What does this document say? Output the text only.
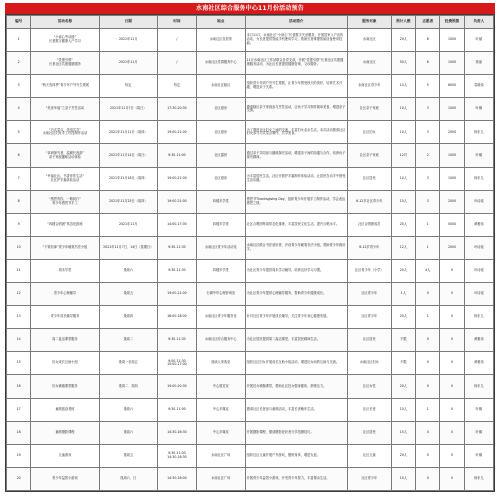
水南社区综合服务中心11月份活动预告
编号	活动名称	日期	时间	地点	活动简介	服务对象	预计人数	志愿者	经费预算	负责人
1	“小读心劳动践”
长者数字健康入户学习	2021年11月	/	水南社区各居家	本月11月，水南社区“小读心”长者数字关爱服务，开展居家入户宣传活动，为长者提供智能手机使用学习，帮助长者掌握智能设备使用技能。	水南社区	20人	6	1000	叶斌
2	“党建引领”
长者社区共建健康服务	2021年11月	/	水南社区党群服务中心	11月水南社区工作站联合各党支部，开展“党建引领”长者社区共建健康服务活动，为社区长者提供健康咨询、义诊服务。	水南社区	50人	6	1000	郭丽
3	“秋天有四季”青少年户外写生观展	待定	待定	水南社区辖区	组织青少年到户外写生观展，让青少年感受秋天的美好，培养艺术兴趣，增进亲子关系。	水南社区青少年	15人	5	6000	袁晓伟
4	“美食幸福”之亲子烹饪活动	2021年11月7日（周日）	17:30-20:30	社区厨房	邀请辖区亲子家庭参与烹饪活动，让孩子学习制作简单美食，增进亲子交流。	社区亲子家庭	10人	3	1000	叶娜
5	“巧式菜点，美食共享”
水南社区妇女手工巧技制作活动	2021年11月11日（周四）	19:00-21:00	社区厨房	为了增进社区妇女之间的交流，丰富妇女业余生活，本次活动邀请社区妇女参与巧式菜点制作，共享美食。	社区妇女	10人	3	2000	杨东儿
6	“卓研探究者，温暖长夜游”
亲子家庭趣味活动体验	2021年11月14日（周日）	9:30-11:00	社区露营	通过亲子共同参与趣味探究活动，增进亲子间的沟通与合作，培养孩子探究精神。	社区亲子家庭	12对	2	1000	叶娜
7	“幸福社区，书香伴你生活”
社区护手霜体验活动	2021年11月18日（周四）	19:00-21:00	社区厨房	为丰富居民生活，社区开展护手霜制作体验活动，让居民在动手中感受生活乐趣。	社区居民	10人	3	1000	杨东儿
8	“感恩有你，一路同行”
青少年感恩节手工	2021年11月25日（周四）	19:00-21:00	四楼多学堂	感恩节Thanksgiving Day，组织青少年开展手工制作活动，学会表达感恩之情。	6-12岁社区青少年	15人	3	2000	叶诗瑶
9	“四楼合唱团”常态化排练	2021年11月	14:00-17:00	四楼多学堂	社区合唱团每周常态化排练，丰富居民文化生活，提升合唱水平。	社区合唱团成员	25人	1	5000	黄雅伟
10	“下笔有神”青少年硬笔书法小组	2021年11月7日、14日（星期日）	9:30-11:30	水南社区青少年活动室	水南社区联合书法爱好者，开设青少年硬笔书法小组，帮助青少年练好字。	6-12岁青少年	12人	1	2000	叶诗瑶
11	周末学堂	逢周六	9:30-11:30	四楼多学堂	为社区青少年提供周末学习辅导，培养良好学习习惯。	社区青少年（小学）	20人	4人	0	叶诗瑶
12	青少年心理辅导	逢周五	19:00-21:00	石碣中华心理咨询室	为社区青少年提供心理辅导服务，帮助青少年健康成长。	社区青少年	1人	0	0	叶诗瑶
13	青少年成长辅导服务	逢周四	16:00-18:00	水南社区青少年服务室	针对社区青少年开展成长辅导，关注青少年身心健康发展。	社区青少年	20人	1	0	杨东儿
14	周二盘活课堂服务	逢周二	9:30-11:30	水南社区综合服务中心	为社区居民提供周二盘活课堂，丰富居民精神生活。	社区居民	不限	0	0	黄雅伟
15	妇女成长互助小组	逢周一至周五	9:00-11:30
15:00-17:00	阅读人家客室	组织社区妇女开展成长互助小组活动，增进妇女间的互助与交流。	水南社区妇女	不限	0	0	黄雅伟
16	妇女瑜伽课堂服务	逢周二、周四	19:00-20:30	中心展览室	开展妇女瑜伽课堂，帮助社区妇女强身健体，舒缓压力。	社区女性	20人	0	0	杨东儿
17	童颜振奋老树	逢周六	9:30-11:00	中心多媒室	邀请社区长者参与童颜活动，丰富长者晚年生活。	社区长者	10人	1	0	叶娜
18	童颜摄影课程	逢周六	14:30-16:30	中心多媒室	开展摄影课程，邀请摄影爱好者分享拍摄技巧。	社区居民	15人	0	0	叶娜
19	儿童游戏	逢周五	9:30-11:00
14:30-16:30	水南社区广场	组织社区儿童开展户外游戏，锻炼身体，增进友谊。	社区儿童	20人	0	0	叶娜
20	青少年益智小游戏	逢周六、日	14:30-16:00	水南社区广场	开展青少年益智小游戏，开发青少年智力，丰富课余生活。	社区青少年	15人	0	0	杨东儿
